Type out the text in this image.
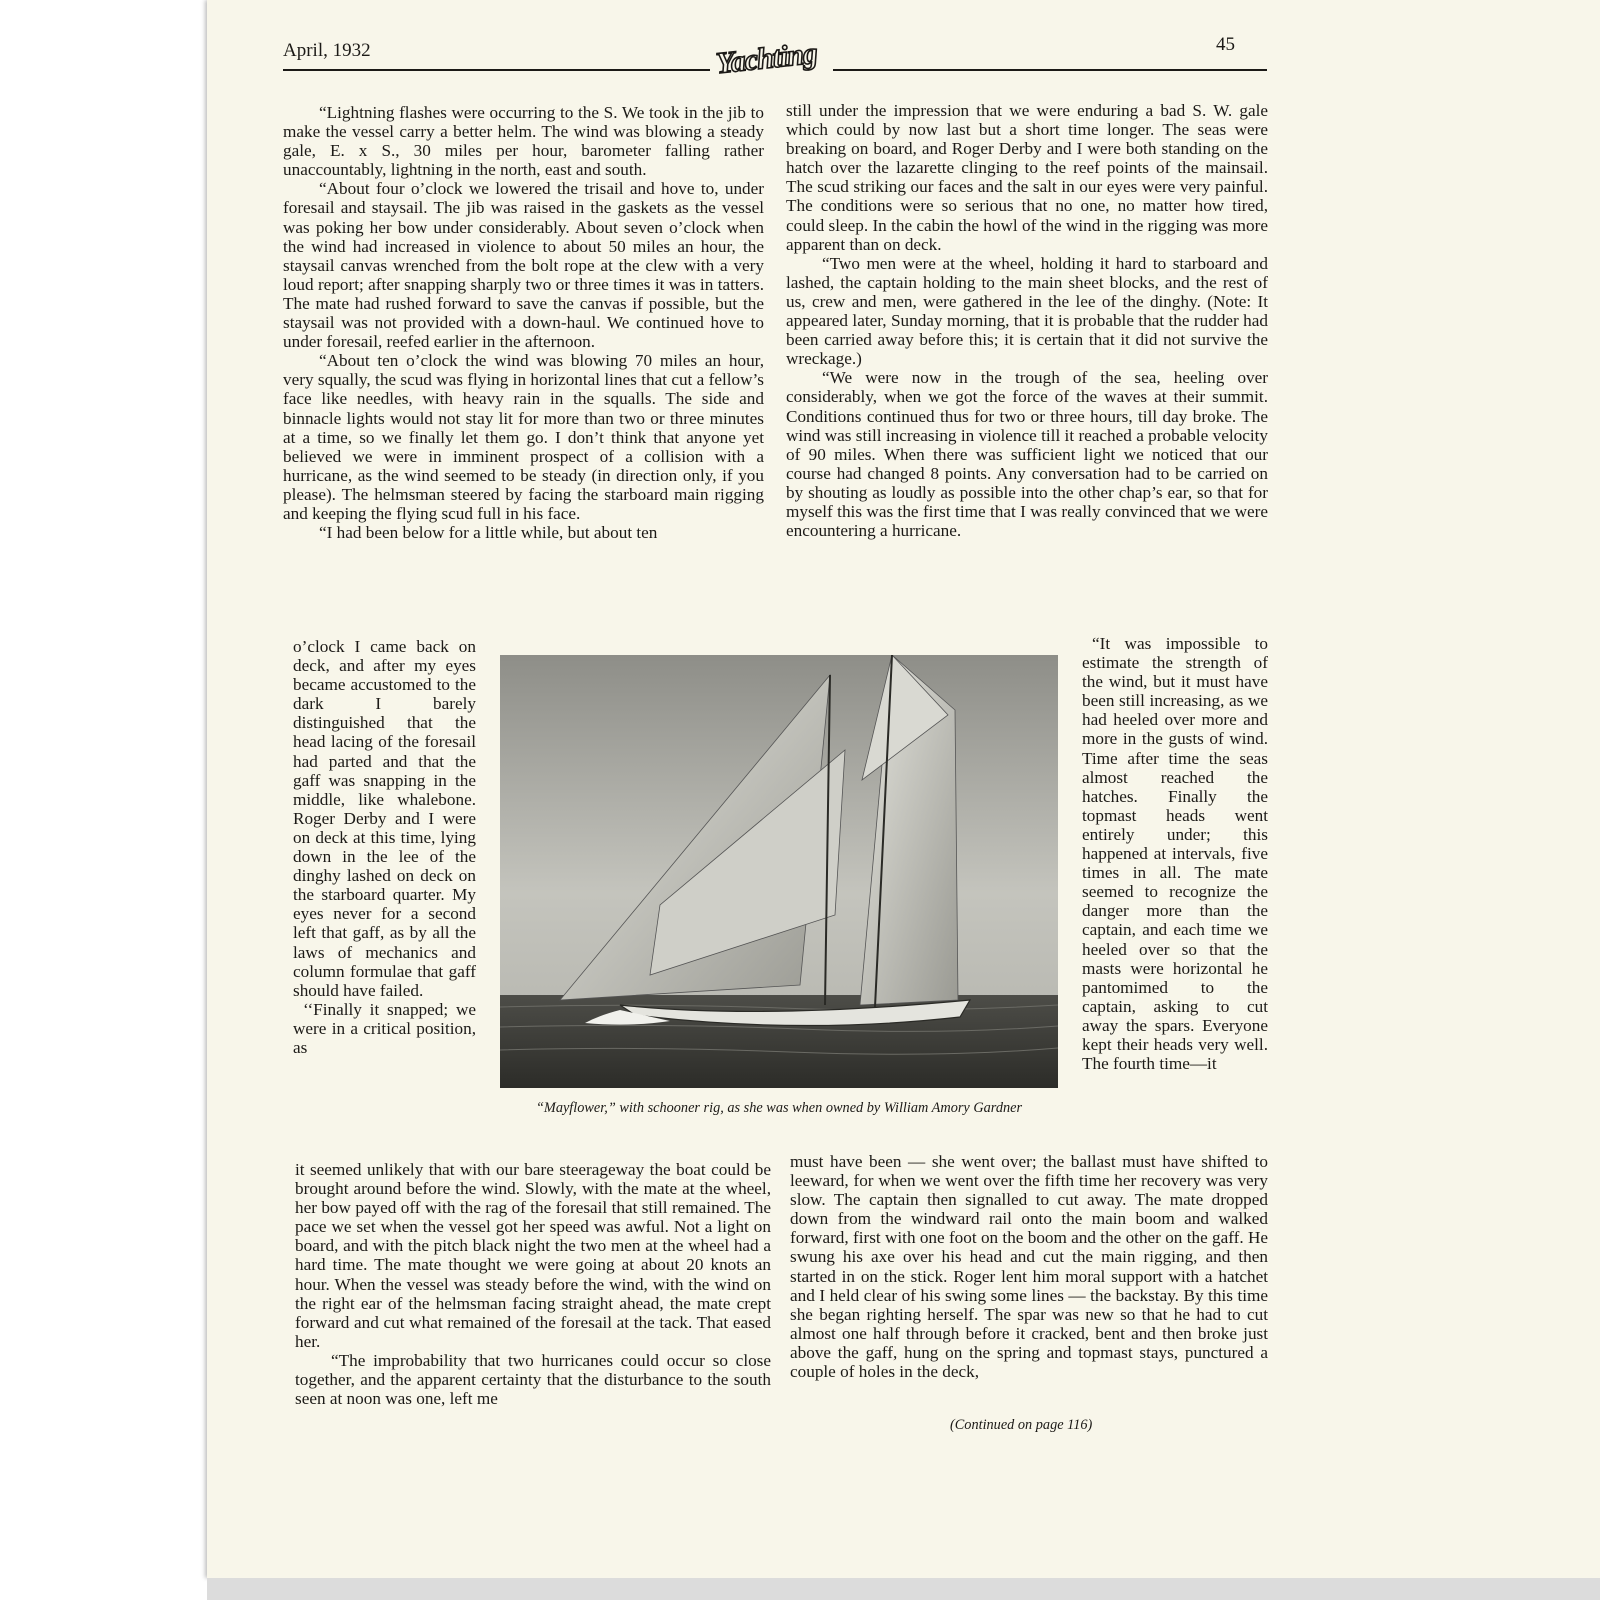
April, 1932	Yachting	45

“Lightning flashes were occurring to the S. We took in the jib to make the vessel carry a better helm. The wind was blowing a steady gale, E. x S., 30 miles per hour, barometer falling rather unaccountably, lightning in the north, east and south.

“About four o’clock we lowered the trisail and hove to, under foresail and staysail. The jib was raised in the gaskets as the vessel was poking her bow under considerably. About seven o’clock when the wind had increased in violence to about 50 miles an hour, the staysail canvas wrenched from the bolt rope at the clew with a very loud report; after snapping sharply two or three times it was in tatters. The mate had rushed forward to save the canvas if possible, but the staysail was not provided with a down-haul. We continued hove to under foresail, reefed earlier in the afternoon.

“About ten o’clock the wind was blowing 70 miles an hour, very squally, the scud was flying in horizontal lines that cut a fellow’s face like needles, with heavy rain in the squalls. The side and binnacle lights would not stay lit for more than two or three minutes at a time, so we finally let them go. I don’t think that anyone yet believed we were in imminent prospect of a collision with a hurricane, as the wind seemed to be steady (in direction only, if you please). The helmsman steered by facing the starboard main rigging and keeping the flying scud full in his face.

“I had been below for a little while, but about ten

o’clock I came back on deck, and after my eyes became accustomed to the dark I barely distinguished that the head lacing of the foresail had parted and that the gaff was snapping in the middle, like whalebone. Roger Derby and I were on deck at this time, lying down in the lee of the dinghy lashed on deck on the starboard quarter. My eyes never for a second left that gaff, as by all the laws of mechanics and column formulae that gaff should have failed.

‘‘Finally it snapped; we were in a critical position, as

it seemed unlikely that with our bare steerageway the boat could be brought around before the wind. Slowly, with the mate at the wheel, her bow payed off with the rag of the foresail that still remained. The pace we set when the vessel got her speed was awful. Not a light on board, and with the pitch black night the two men at the wheel had a hard time. The mate thought we were going at about 20 knots an hour. When the vessel was steady before the wind, with the wind on the right ear of the helmsman facing straight ahead, the mate crept forward and cut what remained of the foresail at the tack. That eased her.

“The improbability that two hurricanes could occur so close together, and the apparent certainty that the disturbance to the south seen at noon was one, left me

still under the impression that we were enduring a bad S. W. gale which could by now last but a short time longer. The seas were breaking on board, and Roger Derby and I were both standing on the hatch over the lazarette clinging to the reef points of the mainsail. The scud striking our faces and the salt in our eyes were very painful. The conditions were so serious that no one, no matter how tired, could sleep. In the cabin the howl of the wind in the rigging was more apparent than on deck.

“Two men were at the wheel, holding it hard to starboard and lashed, the captain holding to the main sheet blocks, and the rest of us, crew and men, were gathered in the lee of the dinghy. (Note: It appeared later, Sunday morning, that it is probable that the rudder had been carried away before this; it is certain that it did not survive the wreckage.)

“We were now in the trough of the sea, heeling over considerably, when we got the force of the waves at their summit. Conditions continued thus for two or three hours, till day broke. The wind was still increasing in violence till it reached a probable velocity of 90 miles. When there was sufficient light we noticed that our course had changed 8 points. Any conversation had to be carried on by shouting as loudly as possible into the other chap’s ear, so that for myself this was the first time that I was really convinced that we were encountering a hurricane.

“It was impossible to estimate the strength of the wind, but it must have been still increasing, as we had heeled over more and more in the gusts of wind. Time after time the seas almost reached the hatches. Finally the topmast heads went entirely under; this happened at intervals, five times in all. The mate seemed to recognize the danger more than the captain, and each time we heeled over so that the masts were horizontal he pantomimed to the captain, asking to cut away the spars. Everyone kept their heads very well. The fourth time—it

must have been — she went over; the ballast must have shifted to leeward, for when we went over the fifth time her recovery was very slow. The captain then signalled to cut away. The mate dropped down from the windward rail onto the main boom and walked forward, first with one foot on the boom and the other on the gaff. He swung his axe over his head and cut the main rigging, and then started in on the stick. Roger lent him moral support with a hatchet and I held clear of his swing some lines — the backstay. By this time she began righting herself. The spar was new so that he had to cut almost one half through before it cracked, bent and then broke just above the gaff, hung on the spring and topmast stays, punctured a couple of holes in the deck,

“Mayflower,” with schooner rig, as she was when owned by William Amory Gardner
(Continued on page 116)
